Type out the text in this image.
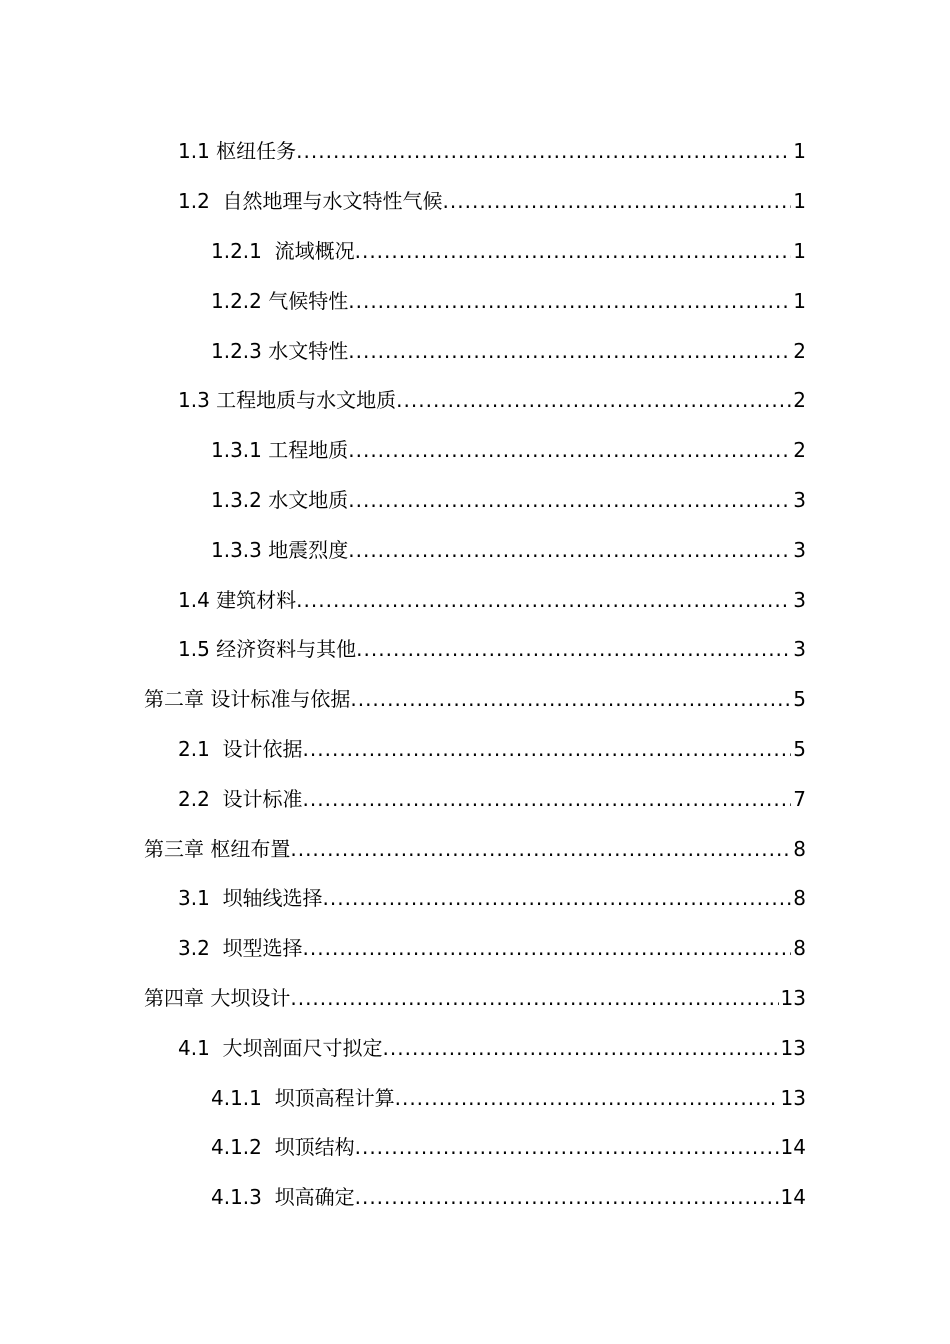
1.1 枢纽任务 .....	1
1.2  自然地理与水文特性气候 .....	1
1.2.1  流域概况 .....	1
1.2.2 气候特性 .....	1
1.2.3 水文特性 .....	2
1.3 工程地质与水文地质 .....	2
1.3.1 工程地质 .....	2
1.3.2 水文地质 .....	3
1.3.3 地震烈度 .....	3
1.4 建筑材料 .....	3
1.5 经济资料与其他 .....	3
第二章 设计标准与依据 .....	5
2.1  设计依据 .....	5
2.2  设计标准 .....	7
第三章 枢纽布置 .....	8
3.1  坝轴线选择 .....	8
3.2  坝型选择 .....	8
第四章 大坝设计 .....	13
4.1  大坝剖面尺寸拟定 .....	13
4.1.1  坝顶高程计算 .....	13
4.1.2  坝顶结构 .....	14
4.1.3  坝高确定 .....	14
